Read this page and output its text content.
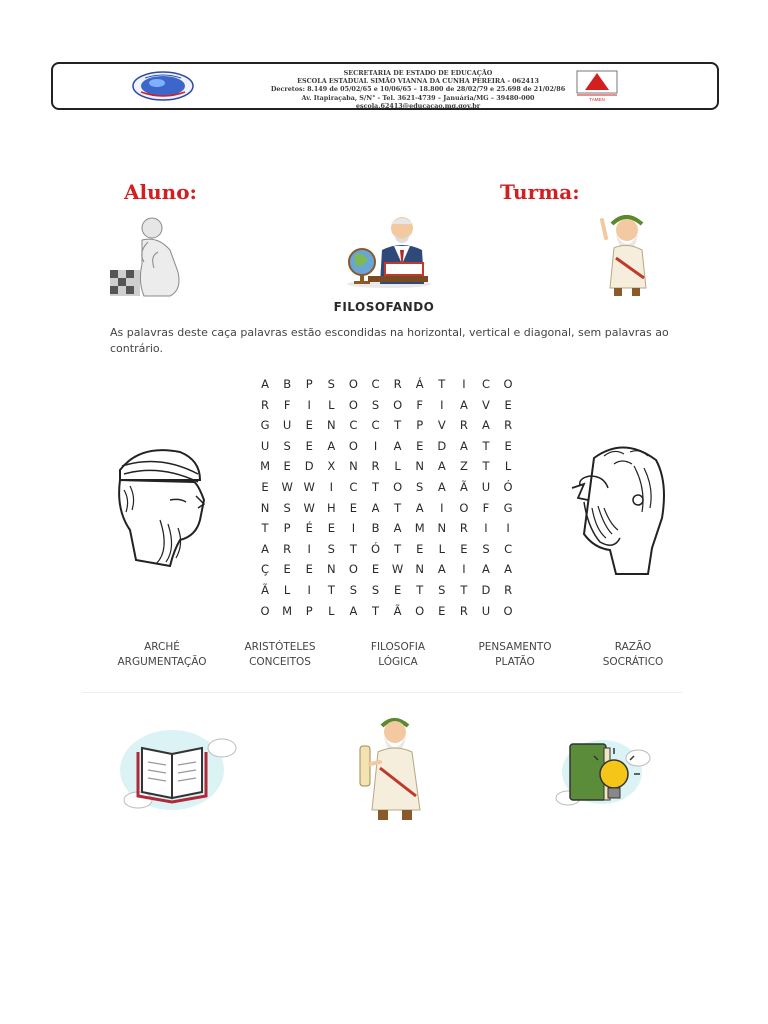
SECRETARIA DE ESTADO DE EDUCAÇÃO
ESCOLA ESTADUAL SIMÃO VIANNA DA CUNHA PEREIRA - 062413
Decretos: 8.149 de 05/02/65 e 10/06/65 – 18.800 de 28/02/79 e 25.698 de 21/02/86
Av. Itapiraçaba, S/N° - Tel. 3621-4739 – Januária/MG – 39480-000
escola.62413@educacao.mg.gov.br
TAMEN
Aluno:	Turma:
FILOSOFANDO
As palavras deste caça palavras estão escondidas na horizontal, vertical e diagonal, sem palavras ao contrário.
A	B	P	S	O	C	R	Á	T	I	C	O
R	F	I	L	O	S	O	F	I	A	V	E
G	U	E	N	C	C	T	P	V	R	A	R
U	S	E	A	O	I	A	E	D	A	T	E
M	E	D	X	N	R	L	N	A	Z	T	L
E	W W	I	C	T	O	S	A	Ã	U	Ó
N	S	W	H	E	A	T	A	I	O	F	G
T	P	É	E	I	B	A	M	N	R	I	I
A	R	I	S	T	Ó	T	E	L	E	S	C
Ç	E	E	N	O	E	W	N	A	I	A	A
Ã	L	I	T	S	S	E	T	S	T	D	R
O	M	P	L	A	T	Ã	O	E	R	U	O
ARCHÉ
ARGUMENTAÇÃO
ARISTÓTELES
CONCEITOS
FILOSOFIA
LÓGICA
PENSAMENTO
PLATÃO
RAZÃO
SOCRÁTICO
